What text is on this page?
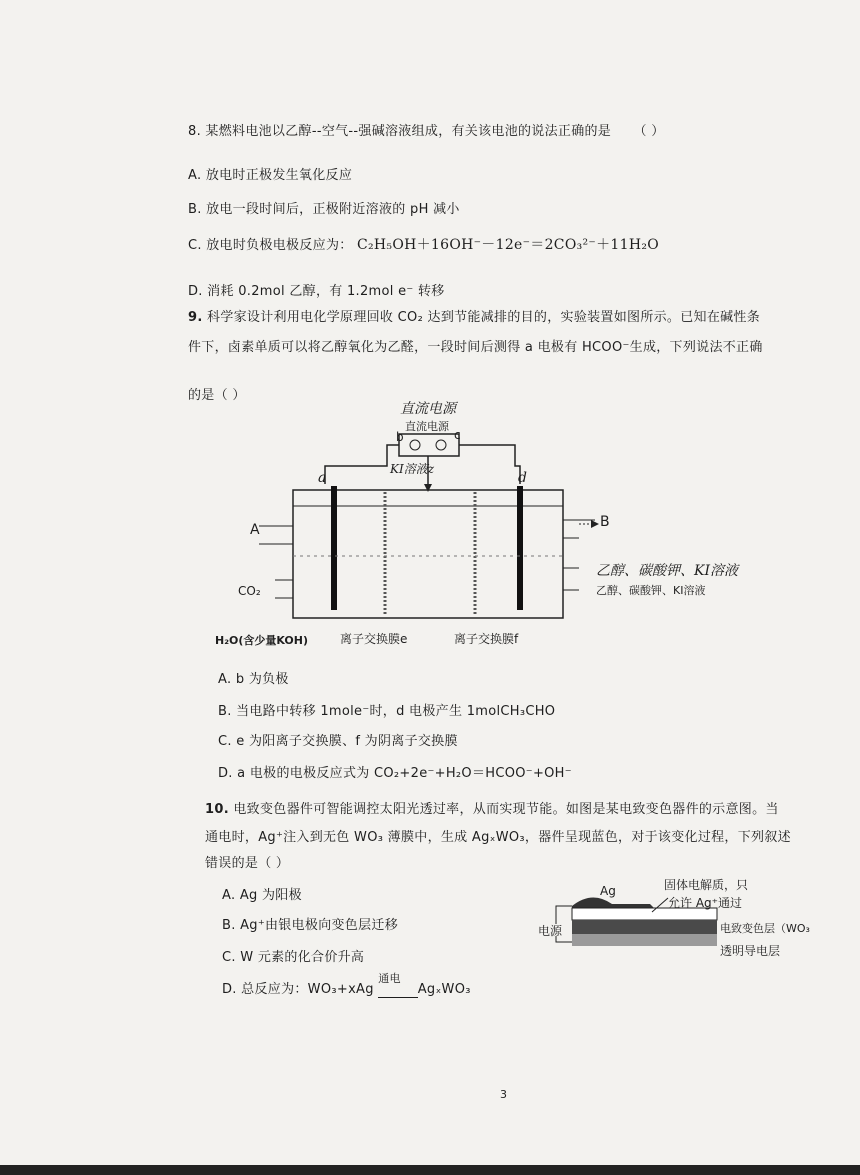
8. 某燃料电池以乙醇--空气--强碱溶液组成，有关该电池的说法正确的是 （ ）
A. 放电时正极发生氧化反应
B. 放电一段时间后，正极附近溶液的 pH 减小
C. 放电时负极电极反应为： C₂H₅OH＋16OH⁻－12e⁻＝2CO₃²⁻＋11H₂O
D. 消耗 0.2mol 乙醇，有 1.2mol e⁻ 转移
9. 科学家设计利用电化学原理回收 CO₂ 达到节能减排的目的，实验装置如图所示。已知在碱性条
件下，卤素单质可以将乙醇氧化为乙醛，一段时间后测得 a 电极有 HCOO⁻生成，下列说法不正确
的是（ ）
直流电源
直流电源
b	c
KI溶液z
a	d
A	B
CO₂
H₂O(含少量KOH)	离子交换膜e	离子交换膜f
乙醇、碳酸钾、KI溶液
乙醇、碳酸钾、KI溶液
A. b 为负极
B. 当电路中转移 1mole⁻时，d 电极产生 1molCH₃CHO
C. e 为阳离子交换膜、f 为阴离子交换膜
D. a 电极的电极反应式为 CO₂+2e⁻+H₂O＝HCOO⁻+OH⁻
10. 电致变色器件可智能调控太阳光透过率，从而实现节能。如图是某电致变色器件的示意图。当
通电时，Ag⁺注入到无色 WO₃ 薄膜中，生成 AgₓWO₃，器件呈现蓝色，对于该变化过程，下列叙述
错误的是（ ）
A. Ag 为阳极
B. Ag⁺由银电极向变色层迁移
C. W 元素的化合价升高
D. 总反应为：WO₃+xAg
通电
AgₓWO₃
Ag
电源
固体电解质，只
允许 Ag⁺通过
电致变色层（WO₃
透明导电层
3
